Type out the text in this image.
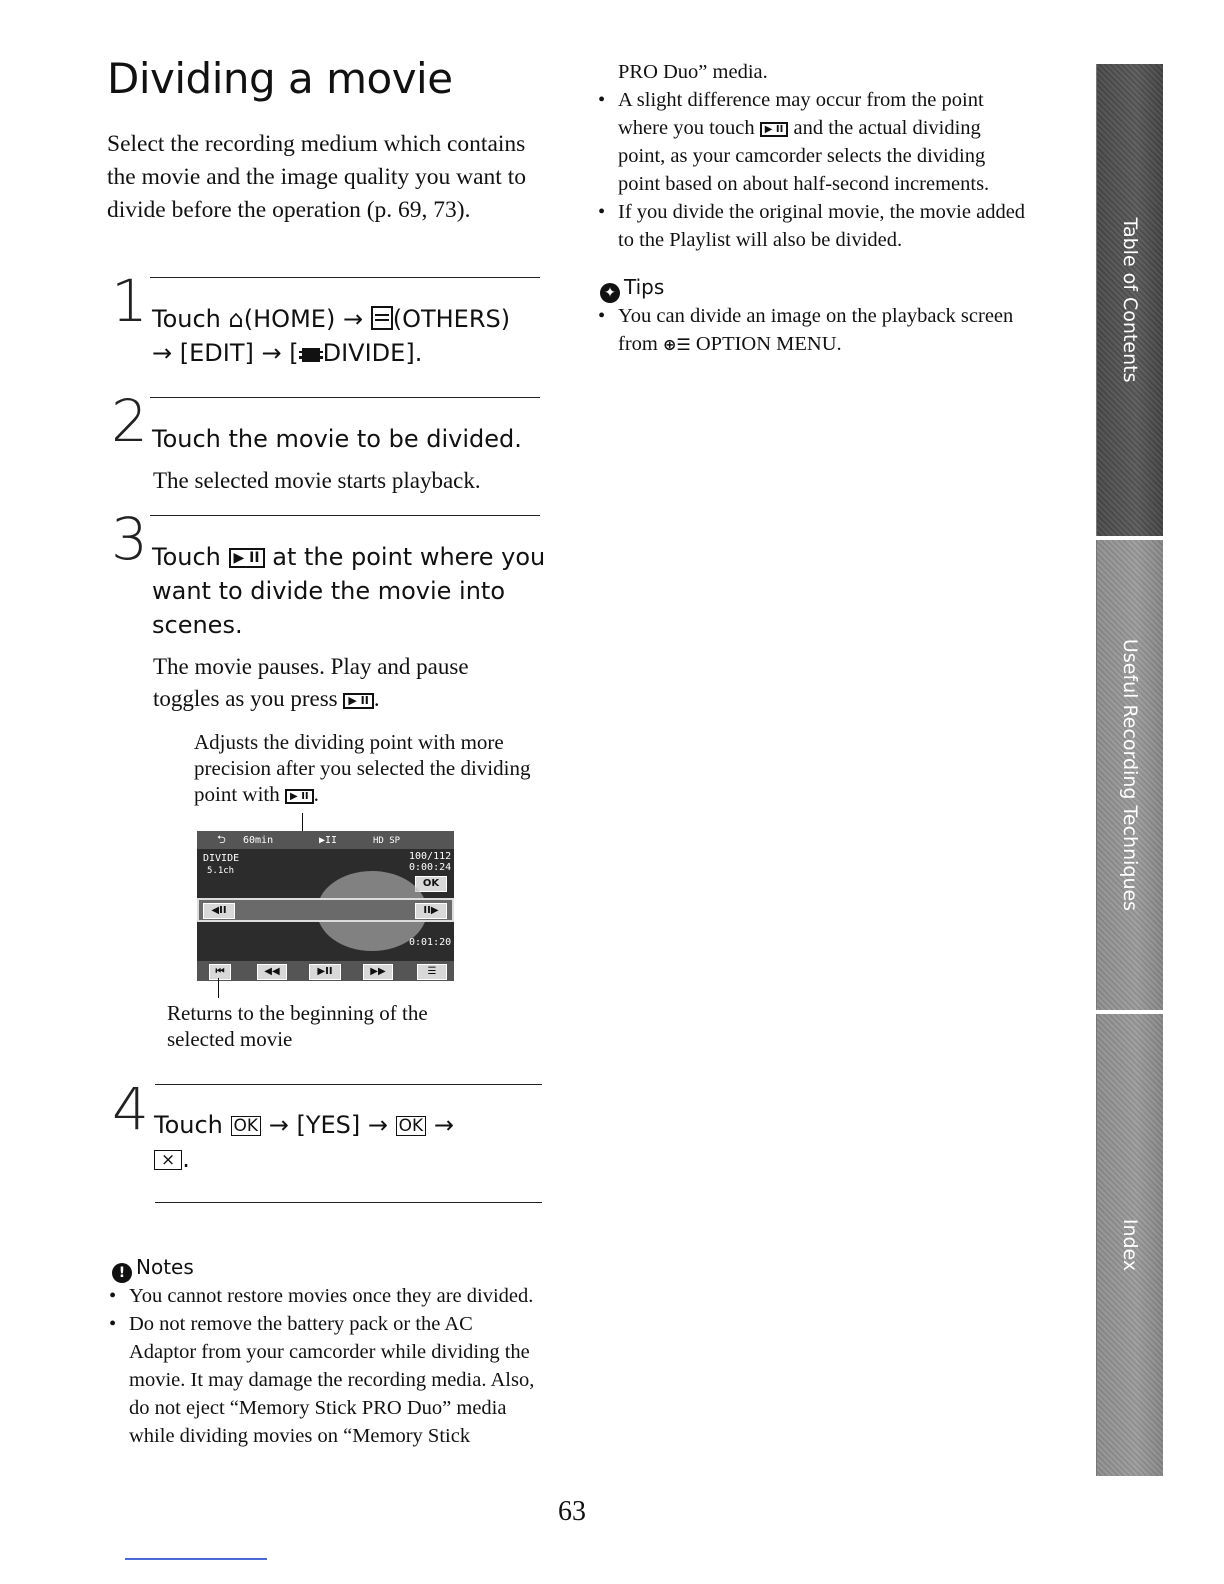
Dividing a movie
Select the recording medium which contains the movie and the image quality you want to divide before the operation (p. 69, 73).
1 Touch ⌂(HOME) → (OTHERS)
→ [EDIT] → [ DIVIDE].
2 Touch the movie to be divided.
The selected movie starts playback.
3 Touch ▶ II at the point where you want to divide the movie into scenes.
The movie pauses. Play and pause toggles as you press ▶ II .
Adjusts the dividing point with more precision after you selected the dividing point with ▶ II .
⮌ 60min	▶II	HD SP
DIVIDE
5.1ch
100/112
0:00:24
OK
◀II	II▶
0:01:20
⏮	◀◀	▶II	▶▶	☰
Returns to the beginning of the selected movie
4 Touch OK → [YES] → OK →
× .
! Notes
• You cannot restore movies once they are divided.
• Do not remove the battery pack or the AC Adaptor from your camcorder while dividing the movie. It may damage the recording media. Also, do not eject “Memory Stick PRO Duo” media while dividing movies on “Memory Stick
PRO Duo” media.
• A slight difference may occur from the point where you touch ▶ II and the actual dividing point, as your camcorder selects the dividing point based on about half-second increments.
• If you divide the original movie, the movie added to the Playlist will also be divided.
✦ Tips
• You can divide an image on the playback screen from ⊕☰ OPTION MENU.	Table of Contents
Useful Recording Techniques
Index
63
